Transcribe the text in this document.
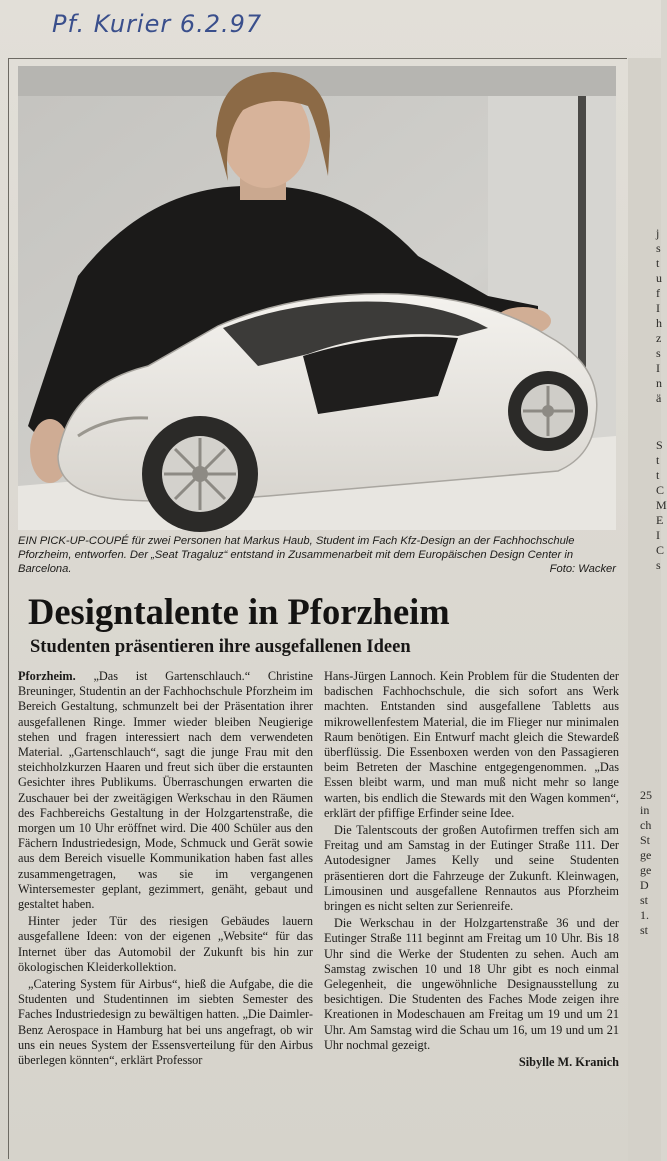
Pf. Kurier 6.2.97
EIN PICK-UP-COUPÉ für zwei Personen hat Markus Haub, Student im Fach Kfz-Design an der Fachhochschule Pforzheim, entworfen. Der „Seat Tragaluz“ entstand in Zusammenarbeit mit dem Europäischen Design Center in Barcelona.	Foto: Wacker
Designtalente in Pforzheim
Studenten präsentieren ihre ausgefallenen Ideen

Pforzheim. „Das ist Gartenschlauch.“ Christine Breuninger, Studentin an der Fachhochschule Pforzheim im Bereich Gestaltung, schmunzelt bei der Präsentation ihrer ausgefallenen Ringe. Immer wieder bleiben Neugierige stehen und fragen interessiert nach dem verwendeten Material. „Gartenschlauch“, sagt die junge Frau mit den steichholzkurzen Haaren und freut sich über die erstaunten Gesichter ihres Publikums. Überraschungen erwarten die Zuschauer bei der zweitägigen Werkschau in den Räumen des Fachbereichs Gestaltung in der Holzgartenstraße, die morgen um 10 Uhr eröffnet wird. Die 400 Schüler aus den Fächern Industriedesign, Mode, Schmuck und Gerät sowie aus dem Bereich visuelle Kommunikation haben fast alles zusammengetragen, was sie im vergangenen Wintersemester geplant, gezimmert, genäht, gebaut und gestaltet haben.

Hinter jeder Tür des riesigen Gebäudes lauern ausgefallene Ideen: von der eigenen „Website“ für das Internet über das Automobil der Zukunft bis hin zur ökologischen Kleiderkollektion.

„Catering System für Airbus“, hieß die Aufgabe, die die Studenten und Studentinnen im siebten Semester des Faches Industriedesign zu bewältigen hatten. „Die Daimler-Benz Aerospace in Hamburg hat bei uns angefragt, ob wir uns ein neues System der Essensverteilung für den Airbus überlegen könnten“, erklärt Professor

Hans-Jürgen Lannoch. Kein Problem für die Studenten der badischen Fachhochschule, die sich sofort ans Werk machten. Entstanden sind ausgefallene Tabletts aus mikrowellenfestem Material, die im Flieger nur minimalen Raum benötigen. Ein Entwurf macht gleich die Stewardeß überflüssig. Die Essenboxen werden von den Passagieren beim Betreten der Maschine entgegengenommen. „Das Essen bleibt warm, und man muß nicht mehr so lange warten, bis endlich die Stewards mit den Wagen kommen“, erklärt der pfiffige Erfinder seine Idee.

Die Talentscouts der großen Autofirmen treffen sich am Freitag und am Samstag in der Eutinger Straße 111. Der Autodesigner James Kelly und seine Studenten präsentieren dort die Fahrzeuge der Zukunft. Kleinwagen, Limousinen und ausgefallene Rennautos aus Pforzheim bringen es nicht selten zur Serienreife.

Die Werkschau in der Holzgartenstraße 36 und der Eutinger Straße 111 beginnt am Freitag um 10 Uhr. Bis 18 Uhr sind die Werke der Studenten zu sehen. Auch am Samstag zwischen 10 und 18 Uhr gibt es noch einmal Gelegenheit, die ungewöhnliche Designausstellung zu besichtigen. Die Studenten des Faches Mode zeigen ihre Kreationen in Modeschauen am Freitag um 19 und um 21 Uhr. Am Samstag wird die Schau um 16, um 19 und um 21 Uhr nochmal gezeigt.

Sibylle M. Kranich
j
s
t
u
f
I
h
z
s
I
n
ä
S
t
t
C
M
E
I
C
s
25
in
ch
St
ge
ge
D
st
1.
st
